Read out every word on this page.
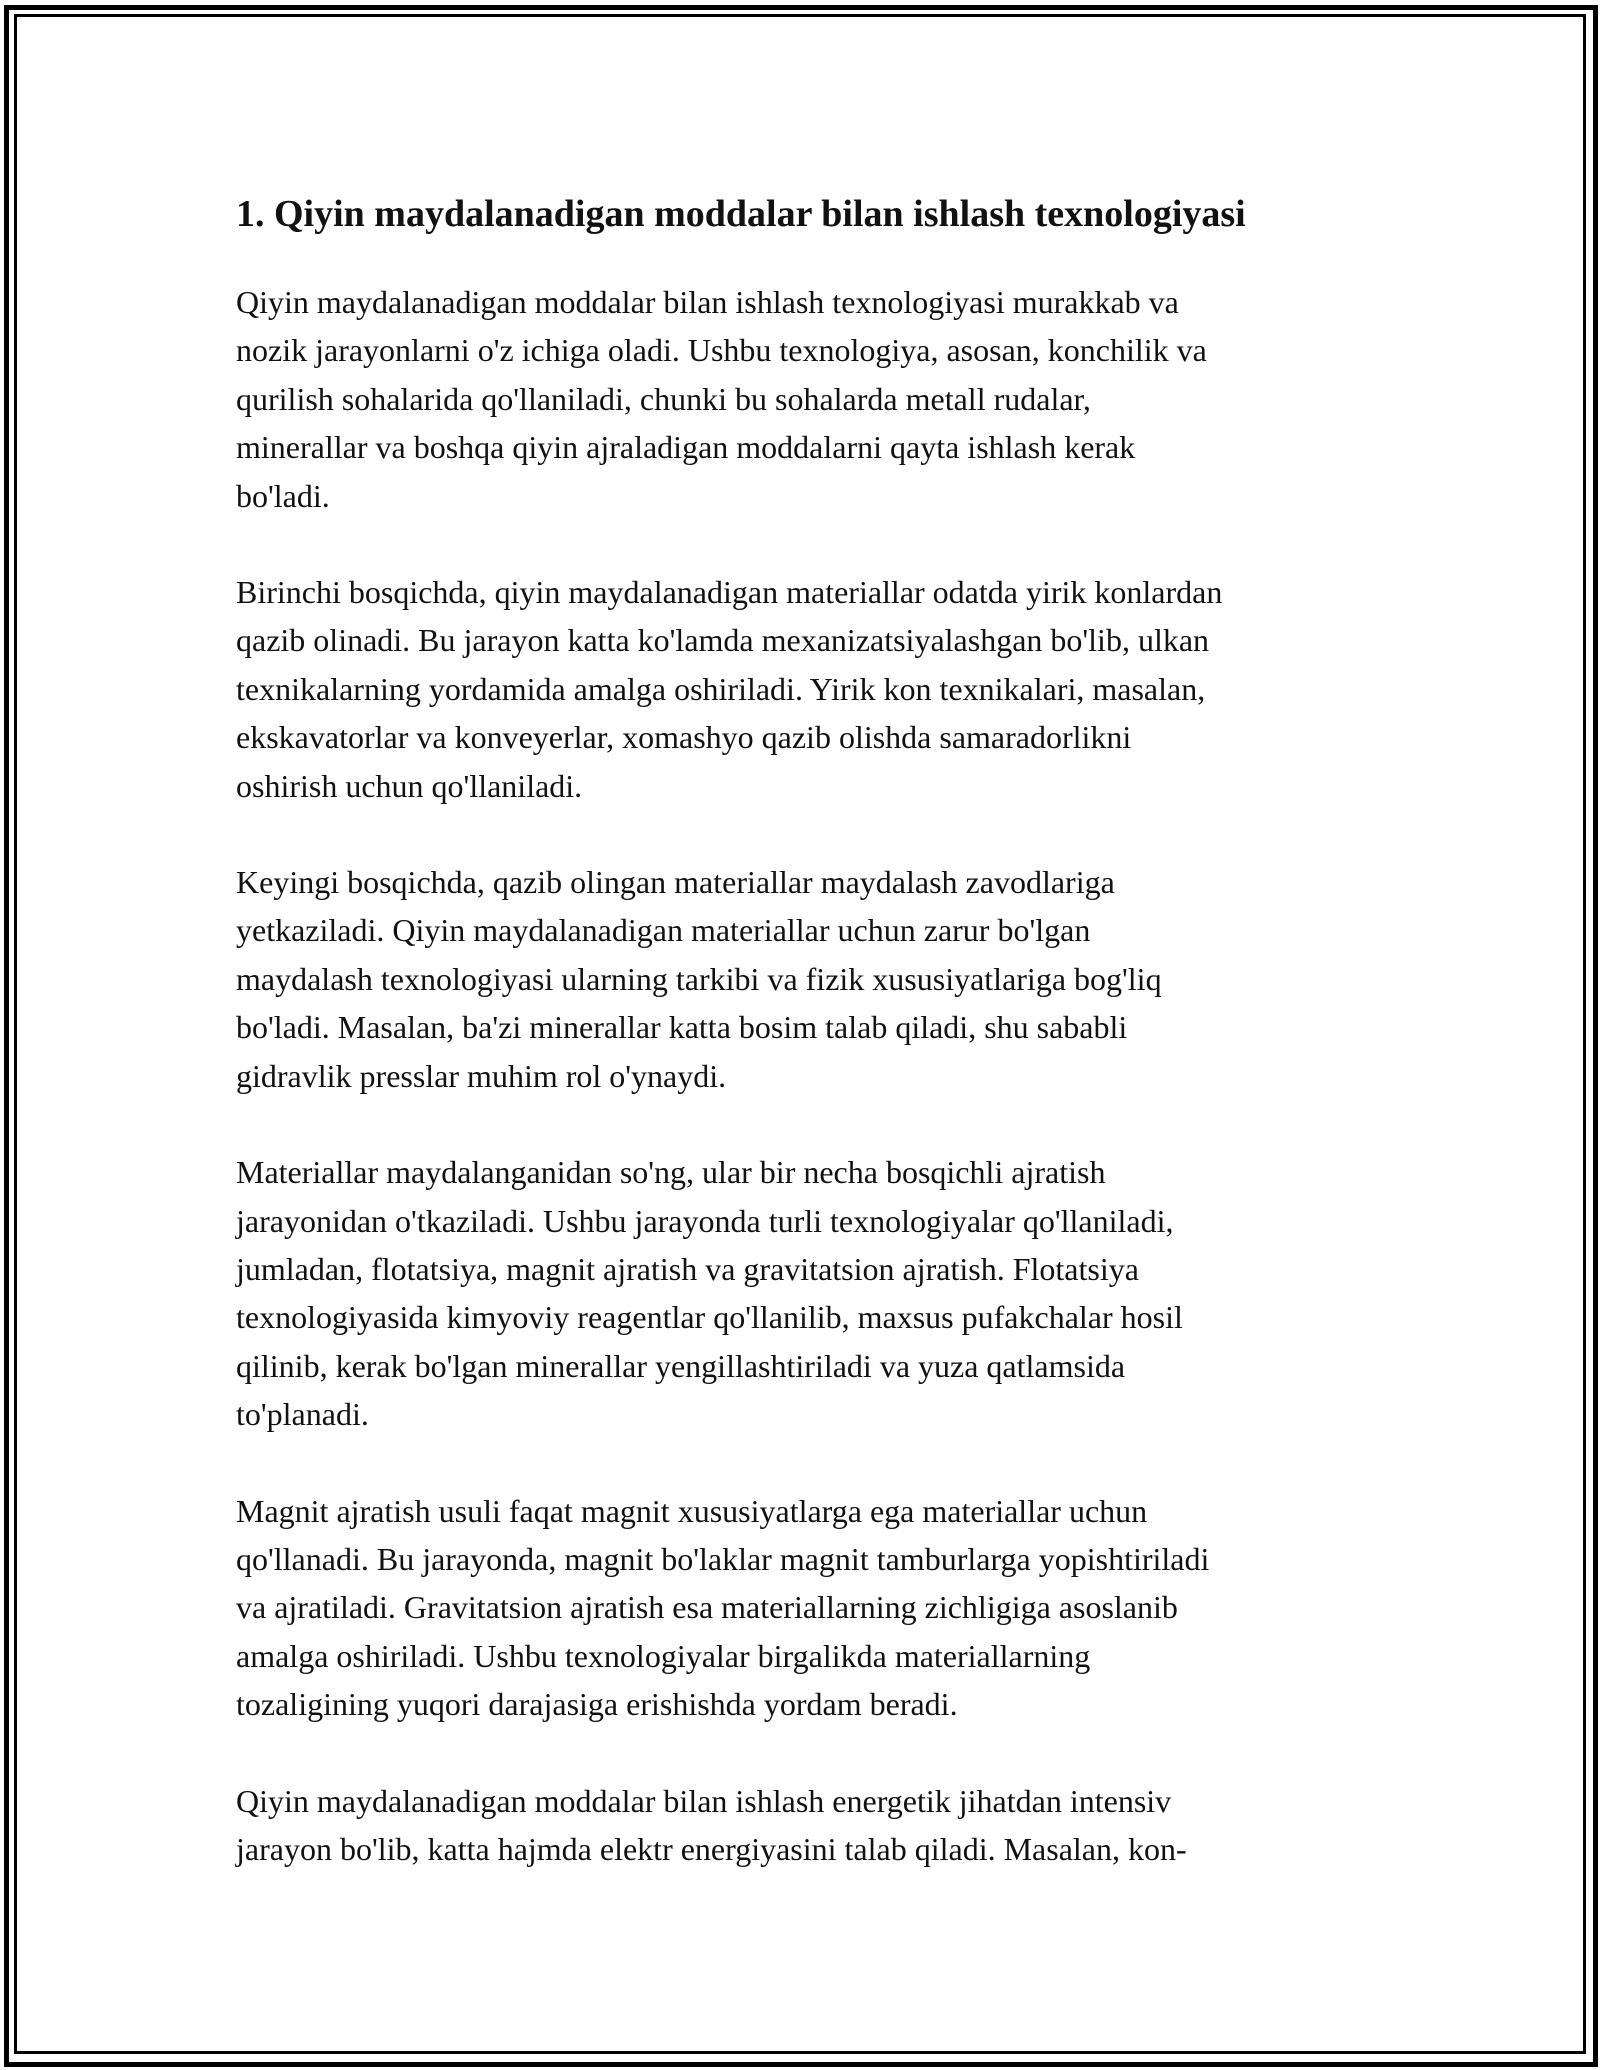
1. Qiyin maydalanadigan moddalar bilan ishlash texnologiyasi

Qiyin maydalanadigan moddalar bilan ishlash texnologiyasi murakkab va
nozik jarayonlarni o'z ichiga oladi. Ushbu texnologiya, asosan, konchilik va
qurilish sohalarida qo'llaniladi, chunki bu sohalarda metall rudalar,
minerallar va boshqa qiyin ajraladigan moddalarni qayta ishlash kerak
bo'ladi.

Birinchi bosqichda, qiyin maydalanadigan materiallar odatda yirik konlardan
qazib olinadi. Bu jarayon katta ko'lamda mexanizatsiyalashgan bo'lib, ulkan
texnikalarning yordamida amalga oshiriladi. Yirik kon texnikalari, masalan,
ekskavatorlar va konveyerlar, xomashyo qazib olishda samaradorlikni
oshirish uchun qo'llaniladi.

Keyingi bosqichda, qazib olingan materiallar maydalash zavodlariga
yetkaziladi. Qiyin maydalanadigan materiallar uchun zarur bo'lgan
maydalash texnologiyasi ularning tarkibi va fizik xususiyatlariga bog'liq
bo'ladi. Masalan, ba'zi minerallar katta bosim talab qiladi, shu sababli
gidravlik presslar muhim rol o'ynaydi.

Materiallar maydalanganidan so'ng, ular bir necha bosqichli ajratish
jarayonidan o'tkaziladi. Ushbu jarayonda turli texnologiyalar qo'llaniladi,
jumladan, flotatsiya, magnit ajratish va gravitatsion ajratish. Flotatsiya
texnologiyasida kimyoviy reagentlar qo'llanilib, maxsus pufakchalar hosil
qilinib, kerak bo'lgan minerallar yengillashtiriladi va yuza qatlamsida
to'planadi.

Magnit ajratish usuli faqat magnit xususiyatlarga ega materiallar uchun
qo'llanadi. Bu jarayonda, magnit bo'laklar magnit tamburlarga yopishtiriladi
va ajratiladi. Gravitatsion ajratish esa materiallarning zichligiga asoslanib
amalga oshiriladi. Ushbu texnologiyalar birgalikda materiallarning
tozaligining yuqori darajasiga erishishda yordam beradi.

Qiyin maydalanadigan moddalar bilan ishlash energetik jihatdan intensiv
jarayon bo'lib, katta hajmda elektr energiyasini talab qiladi. Masalan, kon-
